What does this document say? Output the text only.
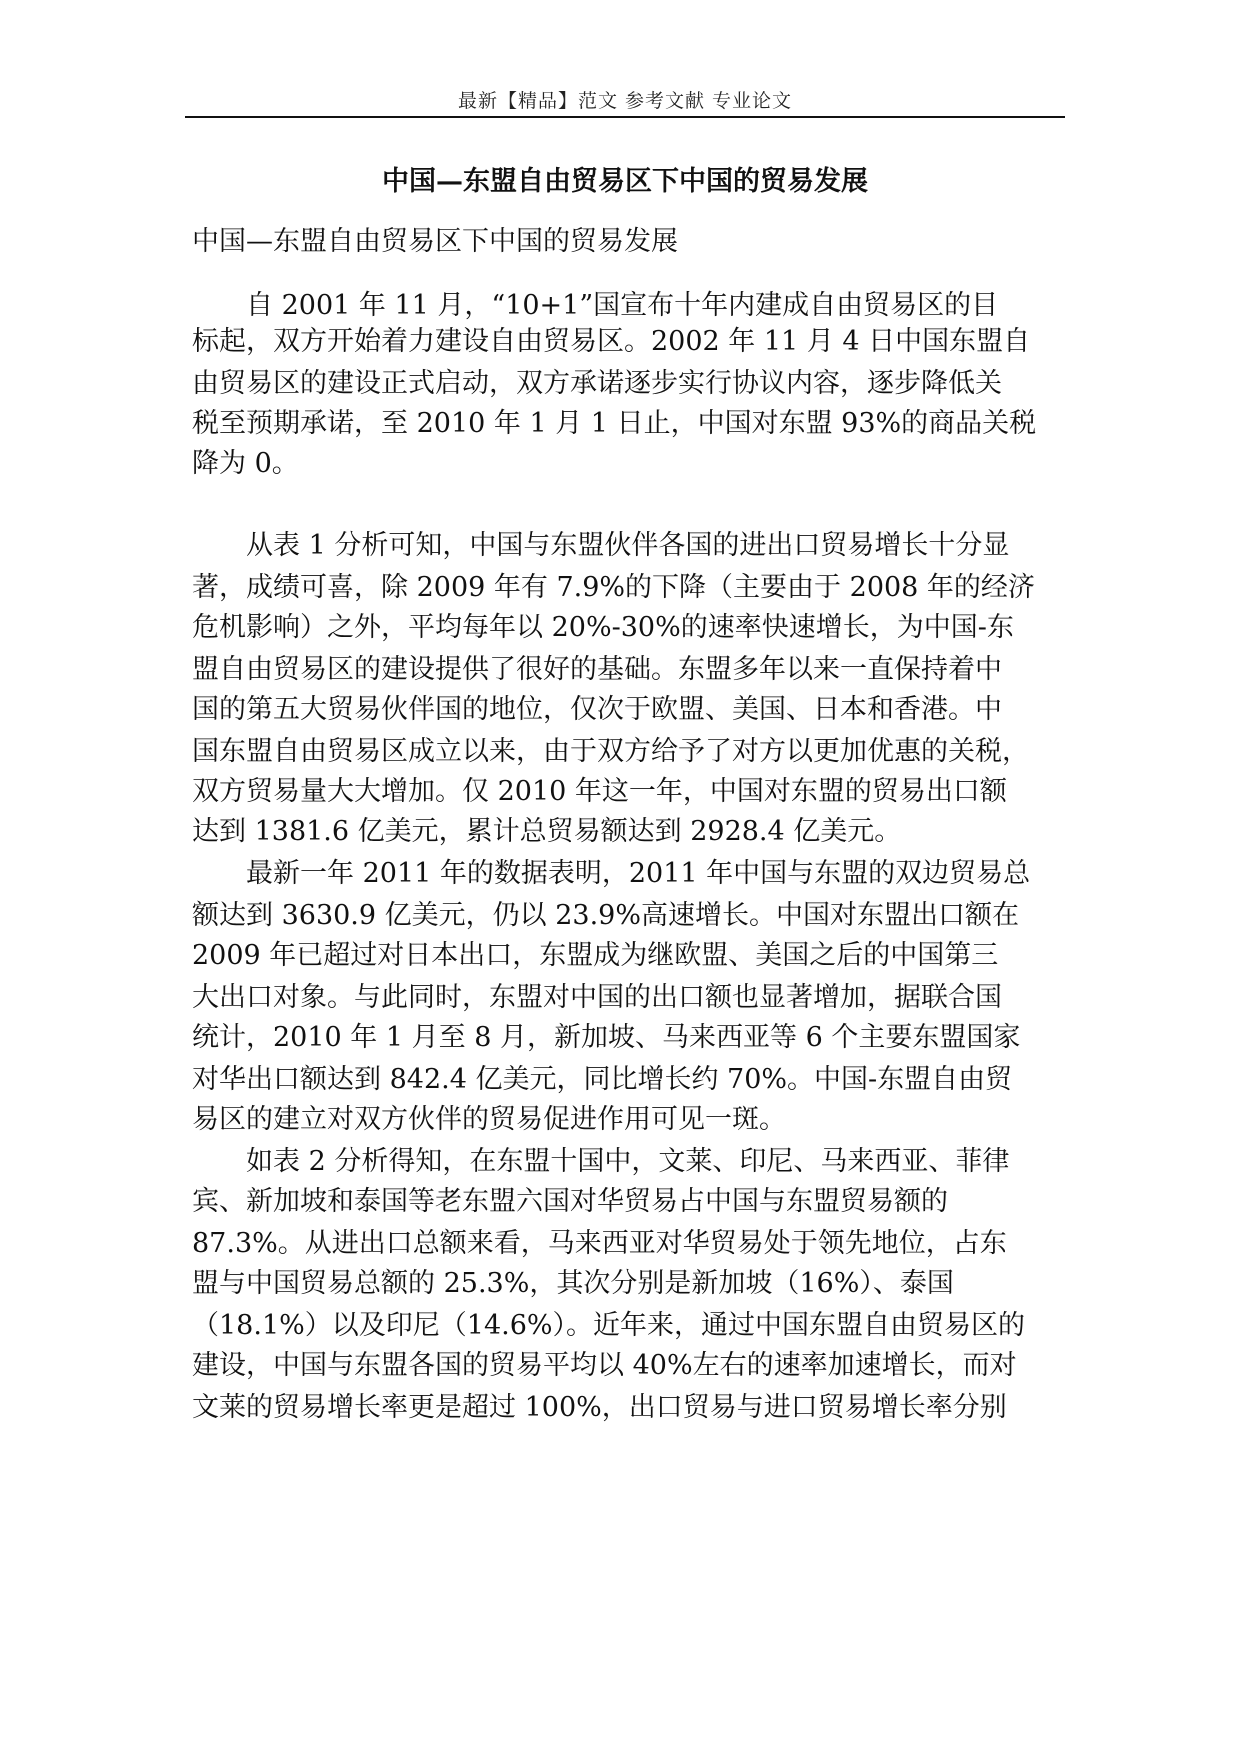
最新【精品】范文 参考文献 专业论文
中国—东盟自由贸易区下中国的贸易发展
中国—东盟自由贸易区下中国的贸易发展
　　自 2001 年 11 月，“10+1”国宣布十年内建成自由贸易区的目
标起，双方开始着力建设自由贸易区。2002 年 11 月 4 日中国东盟自
由贸易区的建设正式启动，双方承诺逐步实行协议内容，逐步降低关
税至预期承诺，至 2010 年 1 月 1 日止，中国对东盟 93%的商品关税
降为 0。
　　从表 1 分析可知，中国与东盟伙伴各国的进出口贸易增长十分显
著，成绩可喜，除 2009 年有 7.9%的下降（主要由于 2008 年的经济
危机影响）之外，平均每年以 20%-30%的速率快速增长，为中国-东
盟自由贸易区的建设提供了很好的基础。东盟多年以来一直保持着中
国的第五大贸易伙伴国的地位，仅次于欧盟、美国、日本和香港。中
国东盟自由贸易区成立以来，由于双方给予了对方以更加优惠的关税，
双方贸易量大大增加。仅 2010 年这一年，中国对东盟的贸易出口额
达到 1381.6 亿美元，累计总贸易额达到 2928.4 亿美元。
　　最新一年 2011 年的数据表明，2011 年中国与东盟的双边贸易总
额达到 3630.9 亿美元，仍以 23.9%高速增长。中国对东盟出口额在
2009 年已超过对日本出口，东盟成为继欧盟、美国之后的中国第三
大出口对象。与此同时，东盟对中国的出口额也显著增加，据联合国
统计，2010 年 1 月至 8 月，新加坡、马来西亚等 6 个主要东盟国家
对华出口额达到 842.4 亿美元，同比增长约 70%。中国-东盟自由贸
易区的建立对双方伙伴的贸易促进作用可见一斑。
　　如表 2 分析得知，在东盟十国中，文莱、印尼、马来西亚、菲律
宾、新加坡和泰国等老东盟六国对华贸易占中国与东盟贸易额的
87.3%。从进出口总额来看，马来西亚对华贸易处于领先地位，占东
盟与中国贸易总额的 25.3%，其次分别是新加坡（16%）、泰国
（18.1%）以及印尼（14.6%）。近年来，通过中国东盟自由贸易区的
建设，中国与东盟各国的贸易平均以 40%左右的速率加速增长，而对
文莱的贸易增长率更是超过 100%，出口贸易与进口贸易增长率分别
